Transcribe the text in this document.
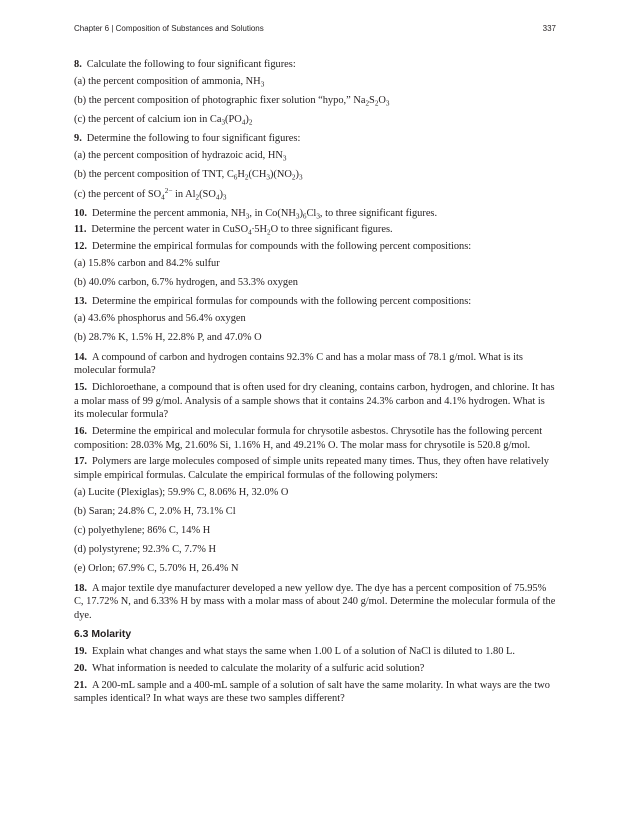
Chapter 6 | Composition of Substances and Solutions	337
8. Calculate the following to four significant figures:
(a) the percent composition of ammonia, $NH_3$
(b) the percent composition of photographic fixer solution “hypo,” $Na_2S_2O_3$
(c) the percent of calcium ion in $Ca_3(PO_4)_2$
9. Determine the following to four significant figures:
(a) the percent composition of hydrazoic acid, $HN_3$
(b) the percent composition of TNT, $C_6H_2(CH_3)(NO_2)_3$
(c) the percent of $SO_4^{2-}$ in $Al_2(SO_4)_3$
10. Determine the percent ammonia, $NH_3$, in $Co(NH_3)_6Cl_3$, to three significant figures.
11. Determine the percent water in $CuSO_4\cdot 5H_2O$ to three significant figures.
12. Determine the empirical formulas for compounds with the following percent compositions:
(a) 15.8% carbon and 84.2% sulfur
(b) 40.0% carbon, 6.7% hydrogen, and 53.3% oxygen
13. Determine the empirical formulas for compounds with the following percent compositions:
(a) 43.6% phosphorus and 56.4% oxygen
(b) 28.7% K, 1.5% H, 22.8% P, and 47.0% O
14. A compound of carbon and hydrogen contains 92.3% C and has a molar mass of 78.1 g/mol. What is its molecular formula?
15. Dichloroethane, a compound that is often used for dry cleaning, contains carbon, hydrogen, and chlorine. It has a molar mass of 99 g/mol. Analysis of a sample shows that it contains 24.3% carbon and 4.1% hydrogen. What is its molecular formula?
16. Determine the empirical and molecular formula for chrysotile asbestos. Chrysotile has the following percent composition: 28.03% Mg, 21.60% Si, 1.16% H, and 49.21% O. The molar mass for chrysotile is 520.8 g/mol.
17. Polymers are large molecules composed of simple units repeated many times. Thus, they often have relatively simple empirical formulas. Calculate the empirical formulas of the following polymers:
(a) Lucite (Plexiglas); 59.9% C, 8.06% H, 32.0% O
(b) Saran; 24.8% C, 2.0% H, 73.1% Cl
(c) polyethylene; 86% C, 14% H
(d) polystyrene; 92.3% C, 7.7% H
(e) Orlon; 67.9% C, 5.70% H, 26.4% N
18. A major textile dye manufacturer developed a new yellow dye. The dye has a percent composition of 75.95% C, 17.72% N, and 6.33% H by mass with a molar mass of about 240 g/mol. Determine the molecular formula of the dye.
6.3 Molarity
19. Explain what changes and what stays the same when 1.00 L of a solution of NaCl is diluted to 1.80 L.
20. What information is needed to calculate the molarity of a sulfuric acid solution?
21. A 200-mL sample and a 400-mL sample of a solution of salt have the same molarity. In what ways are the two samples identical? In what ways are these two samples different?
